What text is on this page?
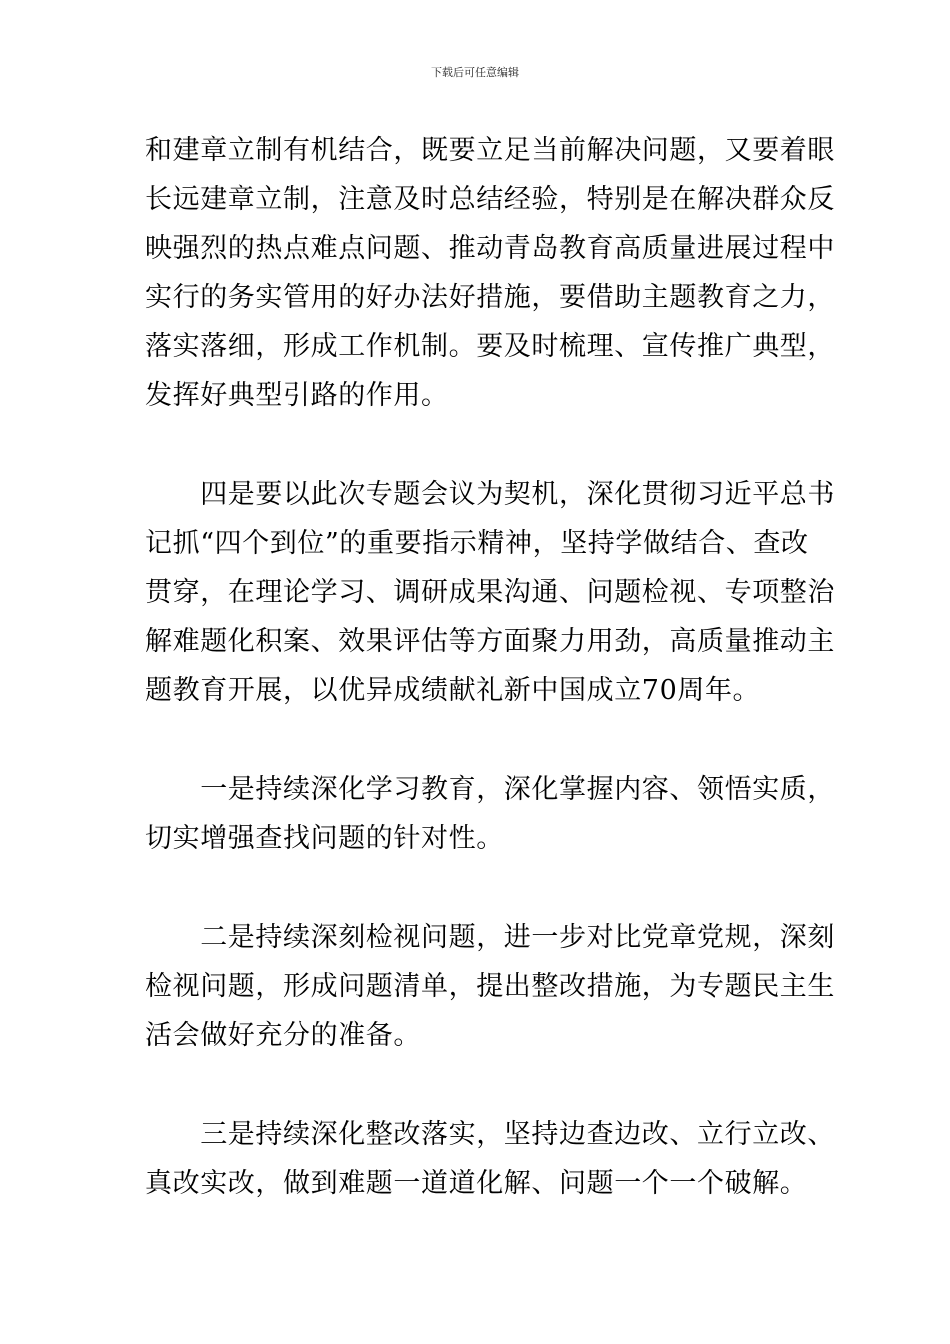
下载后可任意编辑
和建章立制有机结合，既要立足当前解决问题，又要着眼
长远建章立制，注意及时总结经验，特别是在解决群众反
映强烈的热点难点问题、推动青岛教育高质量进展过程中
实行的务实管用的好办法好措施，要借助主题教育之力，
落实落细，形成工作机制。要及时梳理、宣传推广典型，
发挥好典型引路的作用。
　　四是要以此次专题会议为契机，深化贯彻习近平总书
记抓“四个到位”的重要指示精神，坚持学做结合、查改
贯穿，在理论学习、调研成果沟通、问题检视、专项整治
解难题化积案、效果评估等方面聚力用劲，高质量推动主
题教育开展，以优异成绩献礼新中国成立70周年。
　　一是持续深化学习教育，深化掌握内容、领悟实质，
切实增强查找问题的针对性。
　　二是持续深刻检视问题，进一步对比党章党规，深刻
检视问题，形成问题清单，提出整改措施，为专题民主生
活会做好充分的准备。
　　三是持续深化整改落实，坚持边查边改、立行立改、
真改实改，做到难题一道道化解、问题一个一个破解。
